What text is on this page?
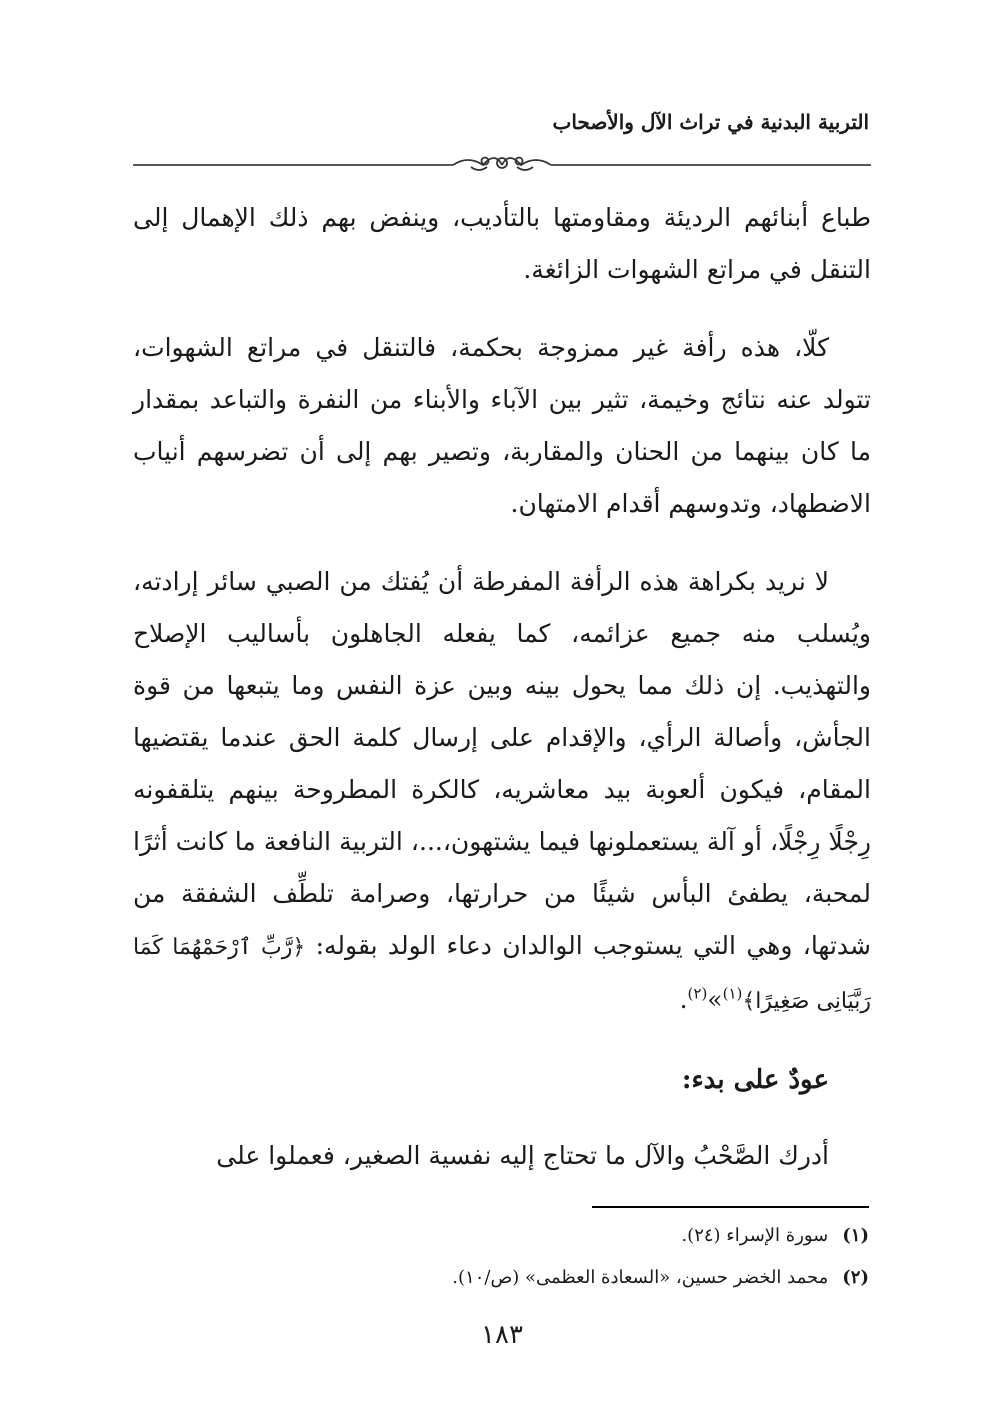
التربية البدنية في تراث الآل والأصحاب

طباع أبنائهم الرديئة ومقاومتها بالتأديب، وينفض بهم ذلك الإهمال إلى التنقل في مراتع الشهوات الزائغة.

كلّا، هذه رأفة غير ممزوجة بحكمة، فالتنقل في مراتع الشهوات، تتولد عنه نتائج وخيمة، تثير بين الآباء والأبناء من النفرة والتباعد بمقدار ما كان بينهما من الحنان والمقاربة، وتصير بهم إلى أن تضرسهم أنياب الاضطهاد، وتدوسهم أقدام الامتهان.

لا نريد بكراهة هذه الرأفة المفرطة أن يُفتك من الصبي سائر إرادته، ويُسلب منه جميع عزائمه، كما يفعله الجاهلون بأساليب الإصلاح والتهذيب. إن ذلك مما يحول بينه وبين عزة النفس وما يتبعها من قوة الجأش، وأصالة الرأي، والإقدام على إرسال كلمة الحق عندما يقتضيها المقام، فيكون ألعوبة بيد معاشريه، كالكرة المطروحة بينهم يتلقفونه رِجْلًا رِجْلًا، أو آلة يستعملونها فيما يشتهون،...، التربية النافعة ما كانت أثرًا لمحبة، يطفئ البأس شيئًا من حرارتها، وصرامة تلطِّف الشفقة من شدتها، وهي التي يستوجب الوالدان دعاء الولد بقوله: ﴿رَّبِّ ٱرْحَمْهُمَا كَمَا رَبَّيَانِى صَغِيرًا﴾$^{(١)}$»$^{(٢)}$.

عودٌ على بدء:

أدرك الصَّحْبُ والآل ما تحتاج إليه نفسية الصغير، فعملوا على

(١)سورة الإسراء (٢٤).
(٢)محمد الخضر حسين، «السعادة العظمى» (ص/١٠).
١٨٣
